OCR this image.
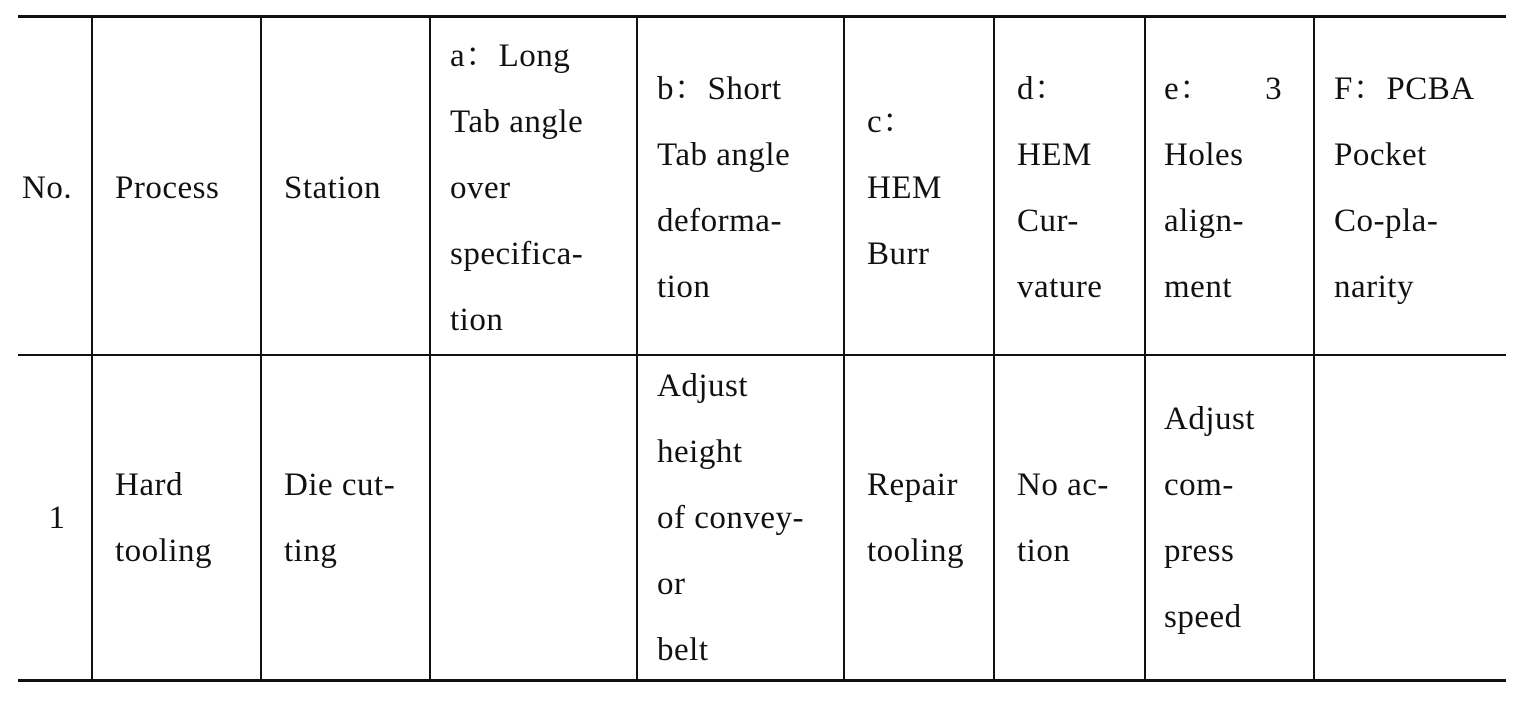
No. Process Station
a：Long
Tab angle
over
specifica-
tion
b：Short
Tab angle
deforma-
tion
c：
HEM
Burr
d：
HEM
Cur-
vature
e：      3
Holes
align-
ment
F：PCBA
Pocket
Co-pla-
narity
1
Hard
tooling
Die cut-
ting
Adjust
height
of convey-
or
belt
Repair
tooling
No ac-
tion
Adjust
com-
press
speed
